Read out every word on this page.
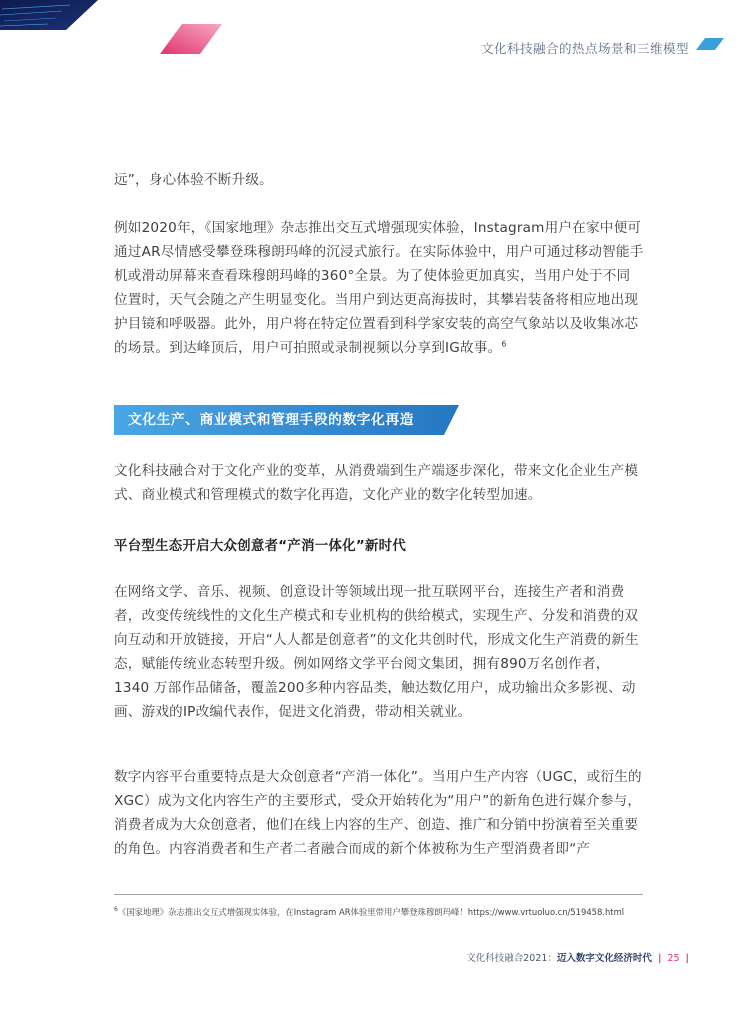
文化科技融合的热点场景和三维模型

远”，身心体验不断升级。

例如2020年，《国家地理》杂志推出交互式增强现实体验，Instagram用户在家中便可通过AR尽情感受攀登珠穆朗玛峰的沉浸式旅行。在实际体验中，用户可通过移动智能手机或滑动屏幕来查看珠穆朗玛峰的360°全景。为了使体验更加真实，当用户处于不同位置时，天气会随之产生明显变化。当用户到达更高海拔时，其攀岩装备将相应地出现护目镜和呼吸器。此外，用户将在特定位置看到科学家安装的高空气象站以及收集冰芯的场景。到达峰顶后，用户可拍照或录制视频以分享到IG故事。$^6$

文化生产、商业模式和管理手段的数字化再造

文化科技融合对于文化产业的变革，从消费端到生产端逐步深化，带来文化企业生产模式、商业模式和管理模式的数字化再造，文化产业的数字化转型加速。

平台型生态开启大众创意者“产消一体化”新时代

在网络文学、音乐、视频、创意设计等领域出现一批互联网平台，连接生产者和消费者，改变传统线性的文化生产模式和专业机构的供给模式，实现生产、分发和消费的双向互动和开放链接，开启“人人都是创意者”的文化共创时代，形成文化生产消费的新生态，赋能传统业态转型升级。例如网络文学平台阅文集团，拥有890万名创作者，1340 万部作品储备，覆盖200多种内容品类，触达数亿用户，成功输出众多影视、动画、游戏的IP改编代表作，促进文化消费，带动相关就业。

数字内容平台重要特点是大众创意者“产消一体化”。当用户生产内容（UGC，或衍生的XGC）成为文化内容生产的主要形式，受众开始转化为“用户”的新角色进行媒介参与，消费者成为大众创意者，他们在线上内容的生产、创造、推广和分销中扮演着至关重要的角色。内容消费者和生产者二者融合而成的新个体被称为生产型消费者即“产

$^6$《国家地理》杂志推出交互式增强现实体验，在Instagram AR体验里带用户攀登珠穆朗玛峰！https://www.vrtuoluo.cn/519458.html

文化科技融合2021：迈入数字文化经济时代 | 25 |
